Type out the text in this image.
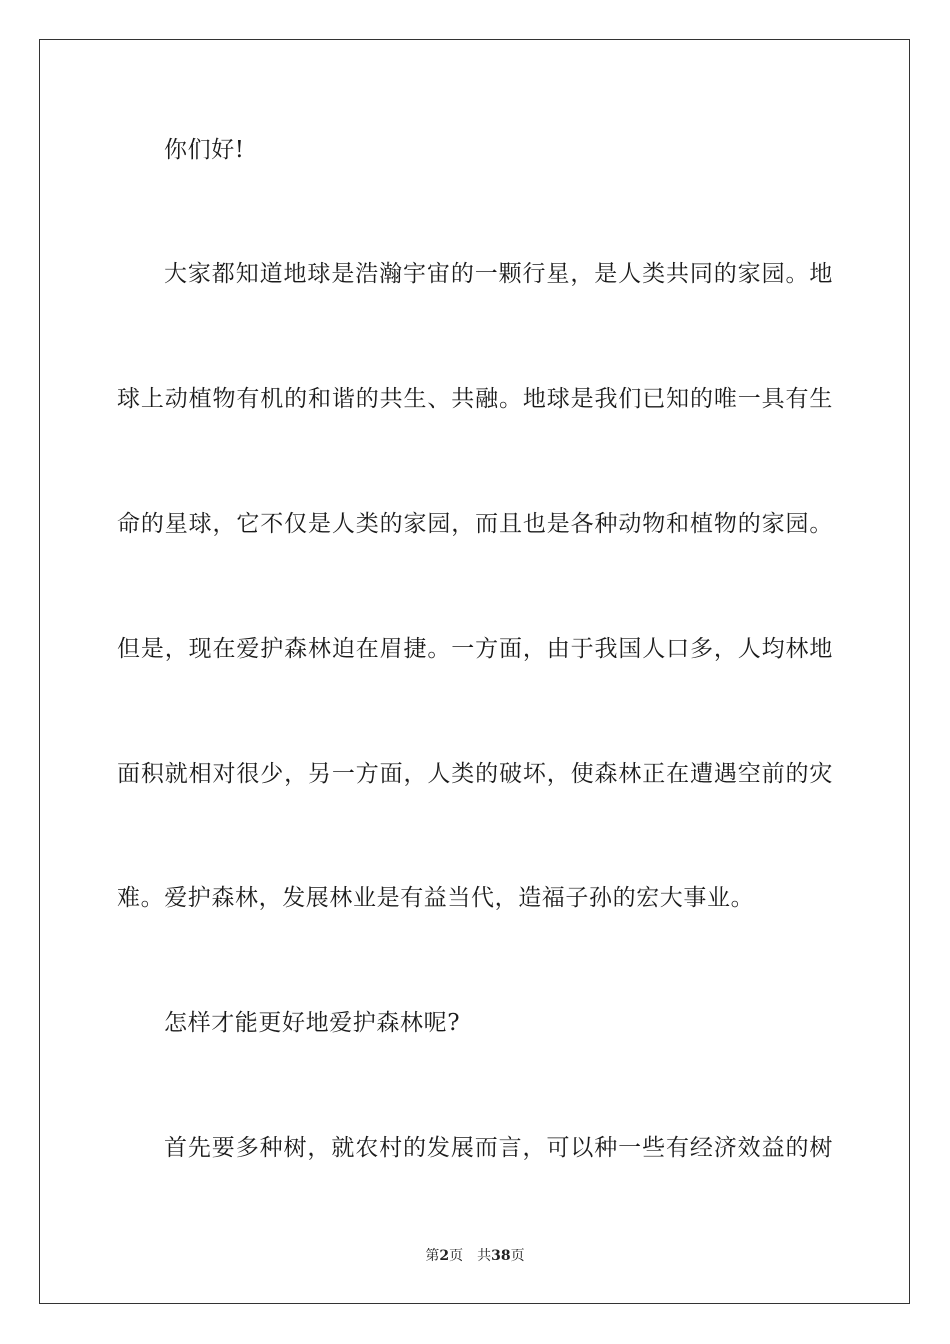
你们好!
大家都知道地球是浩瀚宇宙的一颗行星，是人类共同的家园。地
球上动植物有机的和谐的共生、共融。地球是我们已知的唯一具有生
命的星球，它不仅是人类的家园，而且也是各种动物和植物的家园。
但是，现在爱护森林迫在眉捷。一方面，由于我国人口多，人均林地
面积就相对很少，另一方面，人类的破坏，使森林正在遭遇空前的灾
难。爱护森林，发展林业是有益当代，造福子孙的宏大事业。
怎样才能更好地爱护森林呢?
首先要多种树，就农村的发展而言，可以种一些有经济效益的树
第2页 共38页
